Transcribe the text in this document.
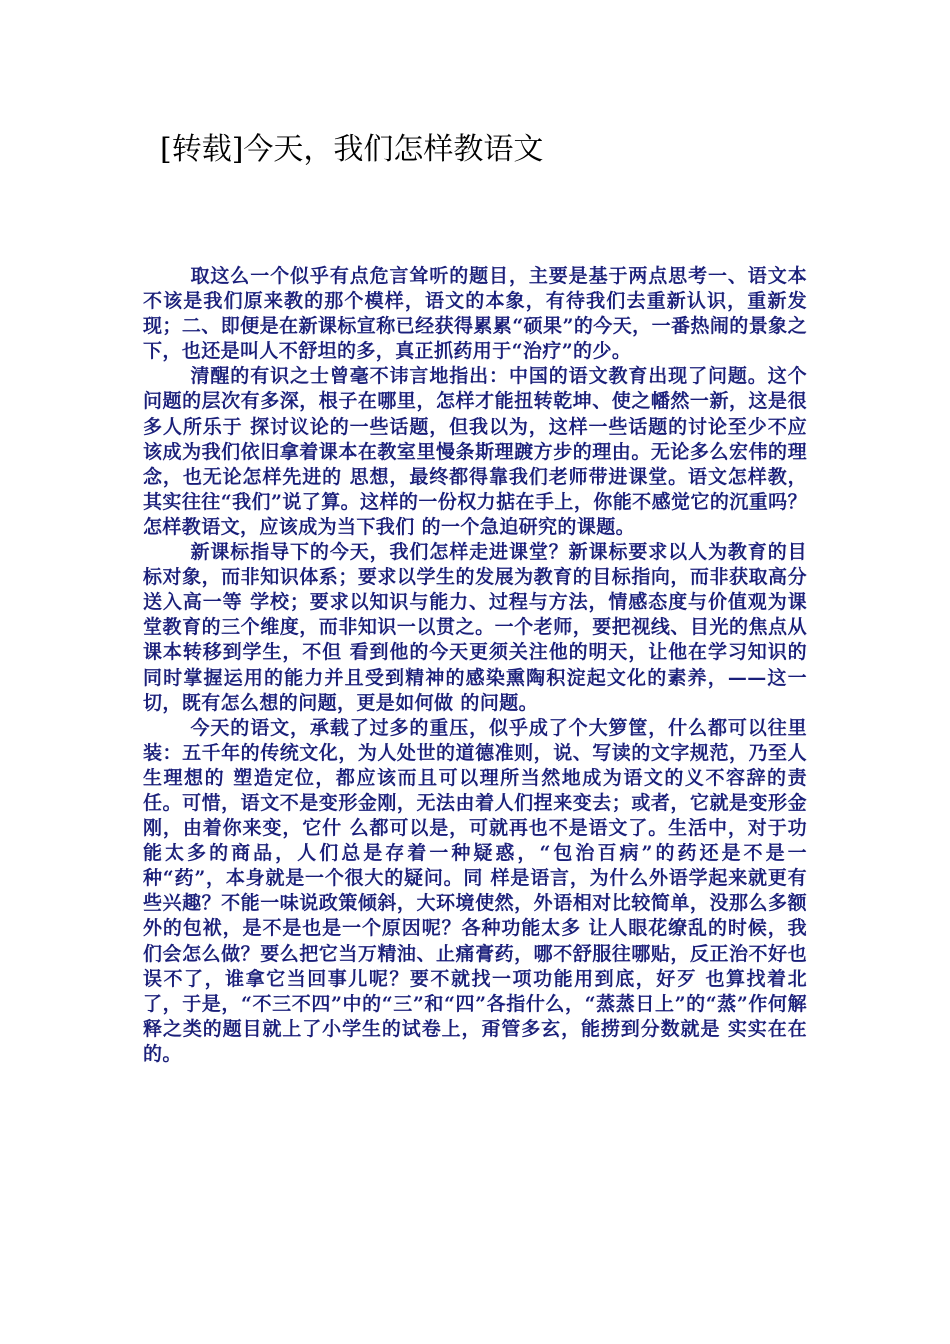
[转载]今天，我们怎样教语文

取这么一个似乎有点危言耸听的题目，主要是基于两点思考一、语文本不该是我们原来教的那个模样，语文的本象，有待我们去重新认识，重新发现；二、即便是在新课标宣称已经获得累累“硕果”的今天，一番热闹的景象之下，也还是叫人不舒坦的多，真正抓药用于“治疗”的少。

清醒的有识之士曾毫不讳言地指出：中国的语文教育出现了问题。这个问题的层次有多深，根子在哪里，怎样才能扭转乾坤、使之幡然一新，这是很多人所乐于 探讨议论的一些话题，但我以为，这样一些话题的讨论至少不应该成为我们依旧拿着课本在教室里慢条斯理踱方步的理由。无论多么宏伟的理念，也无论怎样先进的 思想，最终都得靠我们老师带进课堂。语文怎样教，其实往往“我们”说了算。这样的一份权力掂在手上，你能不感觉它的沉重吗？怎样教语文，应该成为当下我们 的一个急迫研究的课题。

新课标指导下的今天，我们怎样走进课堂？新课标要求以人为教育的目标对象，而非知识体系；要求以学生的发展为教育的目标指向，而非获取高分送入高一等 学校；要求以知识与能力、过程与方法，情感态度与价值观为课堂教育的三个维度，而非知识一以贯之。一个老师，要把视线、目光的焦点从课本转移到学生，不但 看到他的今天更须关注他的明天，让他在学习知识的同时掌握运用的能力并且受到精神的感染熏陶积淀起文化的素养，——这一切，既有怎么想的问题，更是如何做 的问题。

今天的语文，承载了过多的重压，似乎成了个大箩筐，什么都可以往里装：五千年的传统文化，为人处世的道德准则，说、写读的文字规范，乃至人生理想的 塑造定位，都应该而且可以理所当然地成为语文的义不容辞的责任。可惜，语文不是变形金刚，无法由着人们捏来变去；或者，它就是变形金刚，由着你来变，它什 么都可以是，可就再也不是语文了。生活中，对于功能太多的商品，人们总是存着一种疑惑，“包治百病”的药还是不是一种“药”，本身就是一个很大的疑问。同 样是语言，为什么外语学起来就更有些兴趣？不能一味说政策倾斜，大环境使然，外语相对比较简单，没那么多额外的包袱，是不是也是一个原因呢？各种功能太多 让人眼花缭乱的时候，我们会怎么做？要么把它当万精油、止痛膏药，哪不舒服往哪贴，反正治不好也误不了，谁拿它当回事儿呢？要不就找一项功能用到底，好歹 也算找着北了，于是，“不三不四”中的“三”和“四”各指什么，“蒸蒸日上”的“蒸”作何解释之类的题目就上了小学生的试卷上，甭管多玄，能捞到分数就是 实实在在的。
